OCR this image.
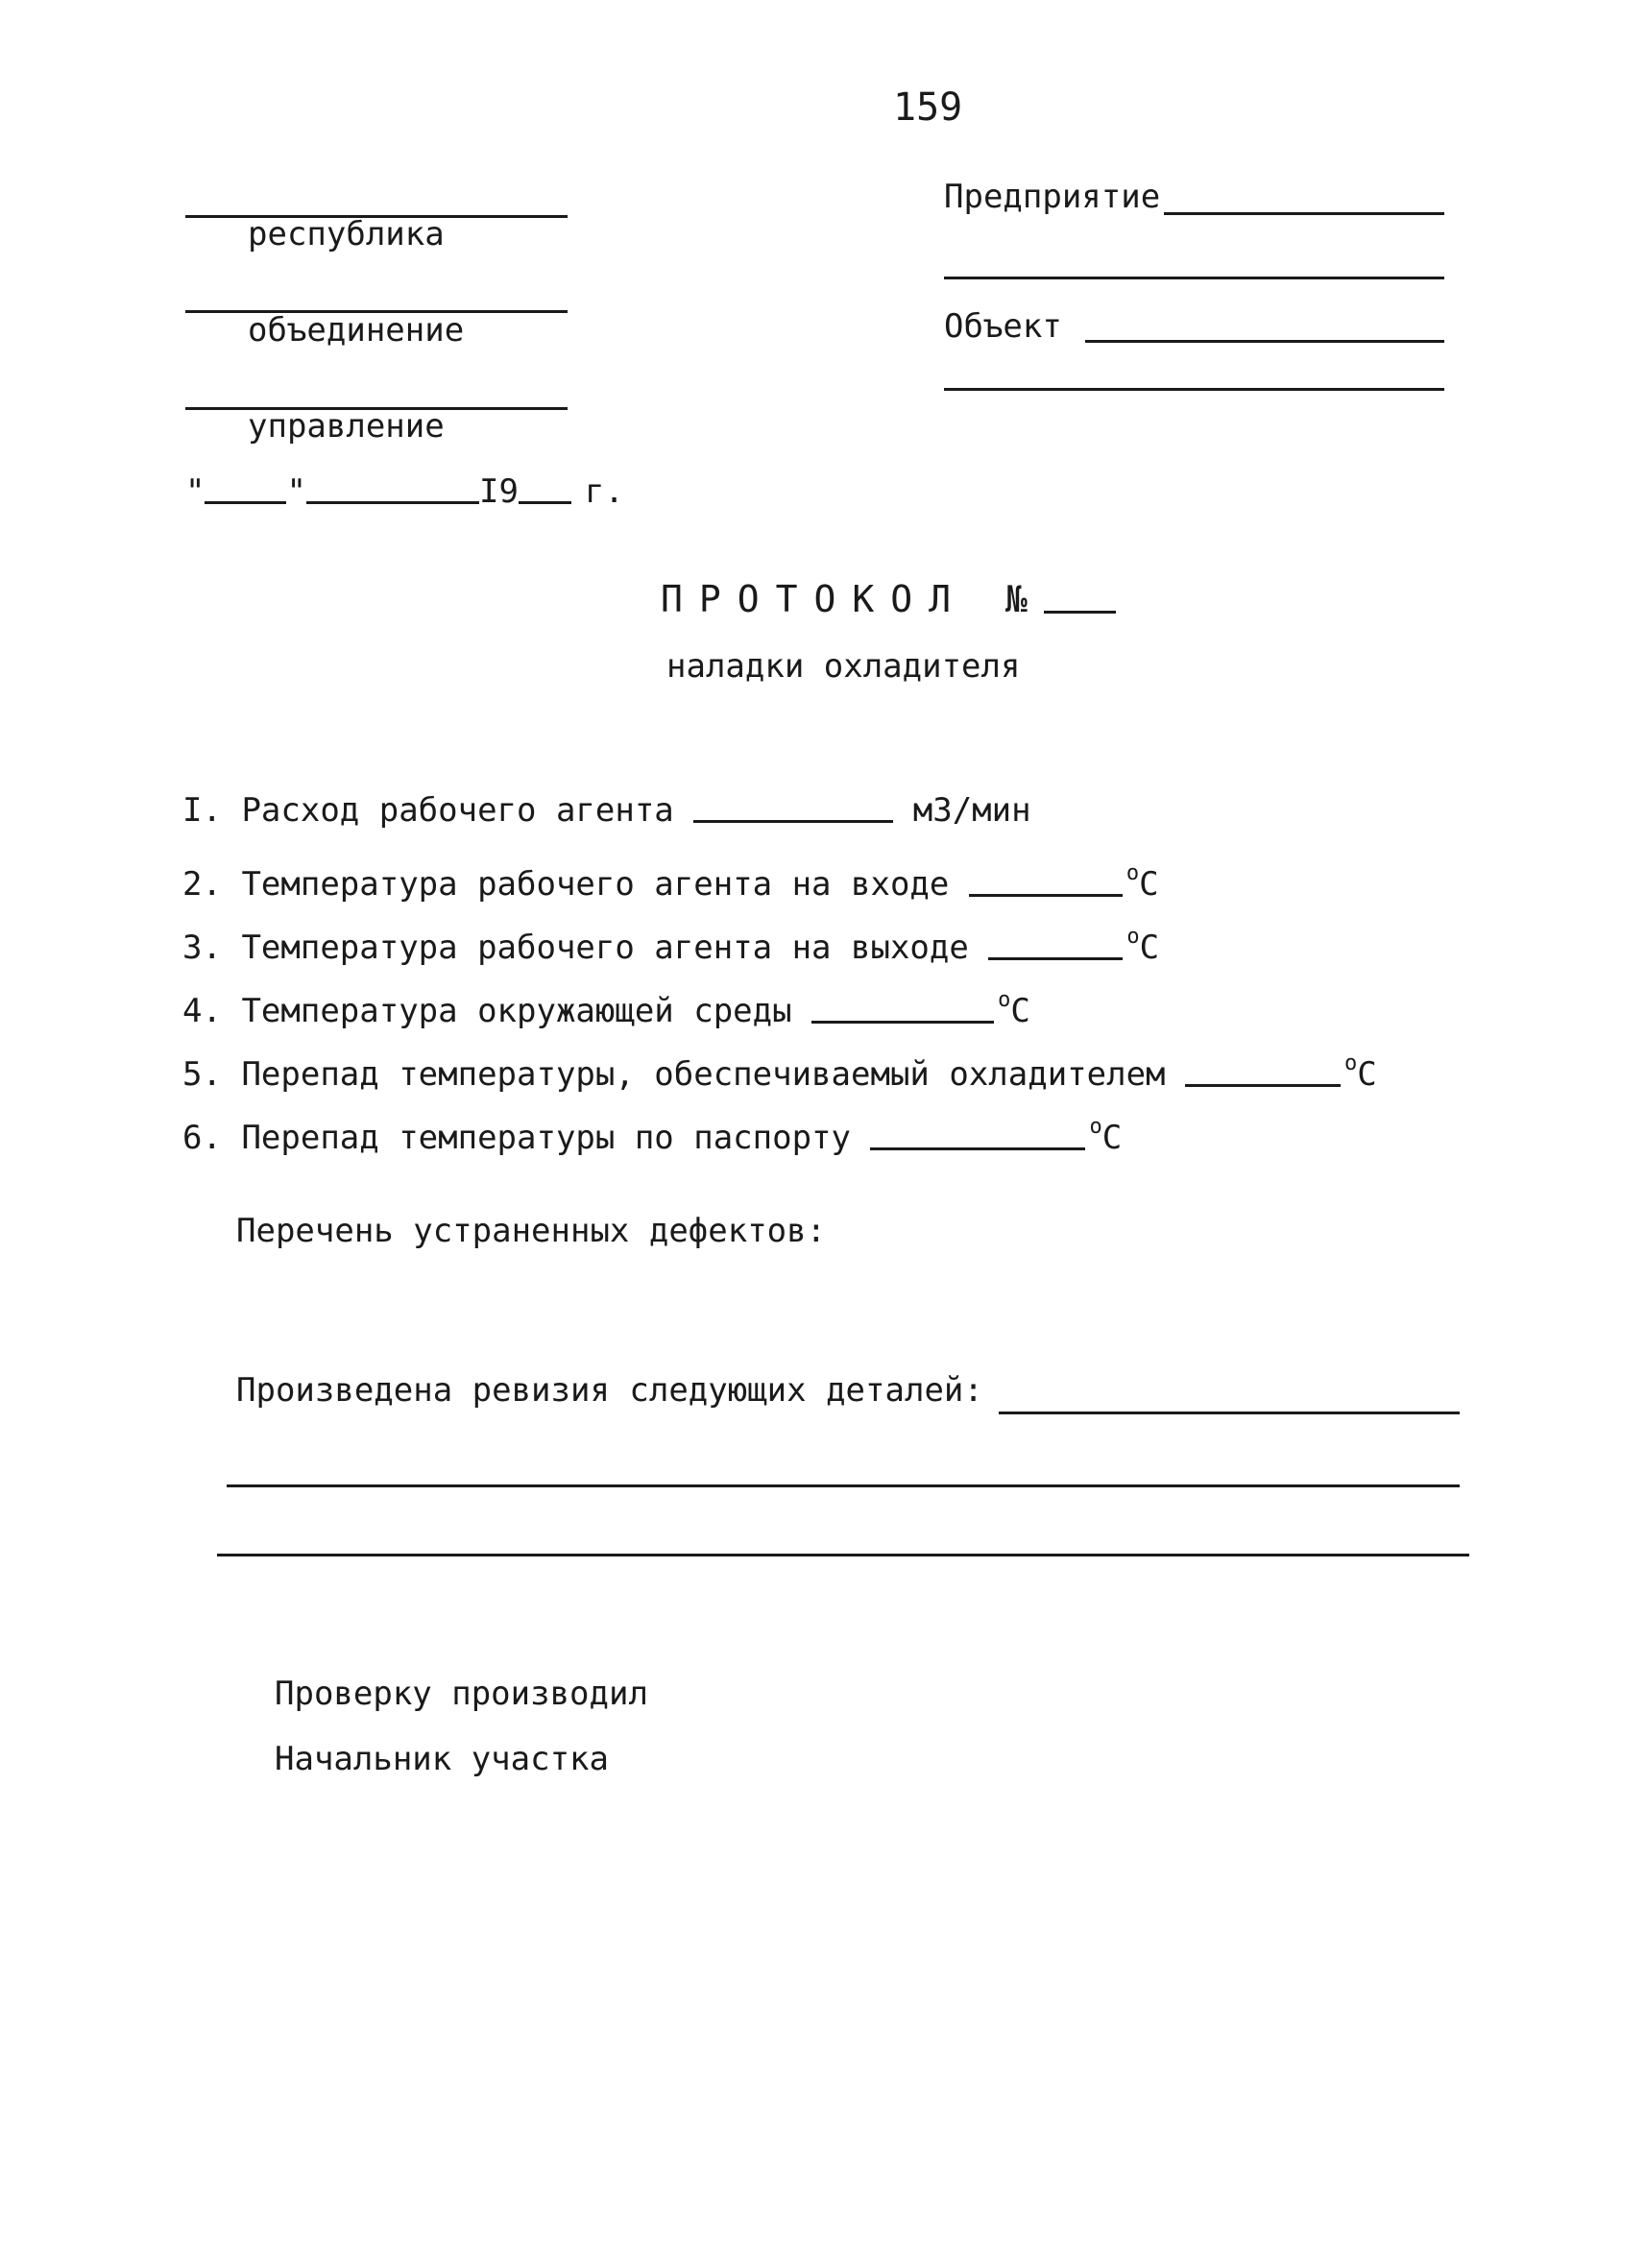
159
республика
объединение
управление
"	"	I9 г.
Предприятие
Объект
ПРОТОКОЛ №
наладки охладителя
I. Расход рабочего агента	м3/мин
2. Температура рабочего агента на входе	$^o$C
3. Температура рабочего агента на выходе	$^o$C
4. Температура окружающей среды	$^o$C
5. Перепад температуры, обеспечиваемый охладителем	$^o$C
6. Перепад температуры по паспорту	$^o$C
Перечень устраненных дефектов:
Произведена ревизия следующих деталей:
Проверку производил
Начальник участка
